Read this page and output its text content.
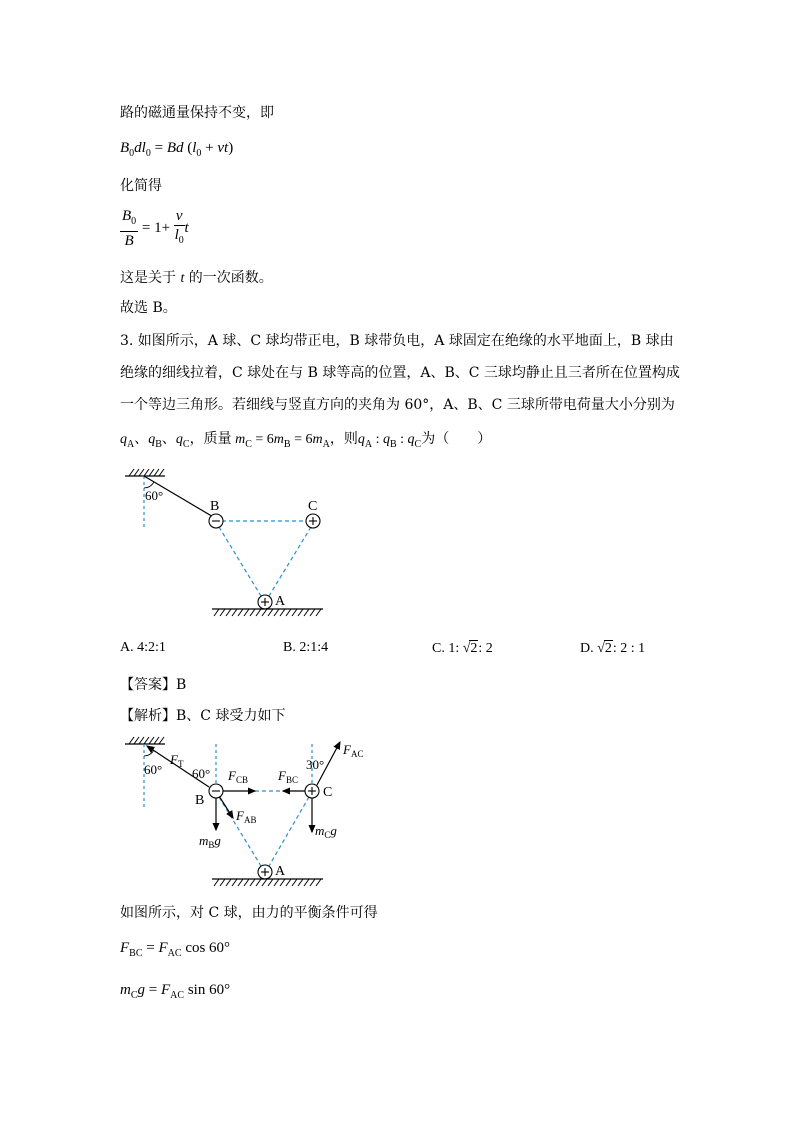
路的磁通量保持不变，即
$B_0dl_0 = Bd$ $(l_0 + vt)$
化简得
$\frac{B_0}{B} = 1+ \frac{v}{l_0}$ t
这是关于 t 的一次函数。
故选 B。
3. 如图所示，A 球、C 球均带正电，B 球带负电，A 球固定在绝缘的水平地面上，B 球由
绝缘的细线拉着，C 球处在与 B 球等高的位置，A、B、C 三球均静止且三者所在位置构成
一个等边三角形。若细线与竖直方向的夹角为 60°，A、B、C 三球所带电荷量大小分别为
$q_A$、$q_B$、$q_C$，质量 $m_C = 6m_B = 6m_A$，则$q_A$ : $q_B$ : $q_C$为（　　）
60°
B	C
A
A. 4:2:1	B. 2:1:4	C. 1: √2: 2	D. √2: 2 : 1
【答案】B
【解析】B、C 球受力如下
60°
$F_T$
60°
30°
$F_{AC}$
$F_{CB}$ $F_{BC}$
$F_{AB}$
$m_Bg$
$m_Cg$
B
C
A
如图所示，对 C 球，由力的平衡条件可得
$F_{BC} = F_{AC}$ cos 60°
$m_Cg = F_{AC}$ sin 60°
